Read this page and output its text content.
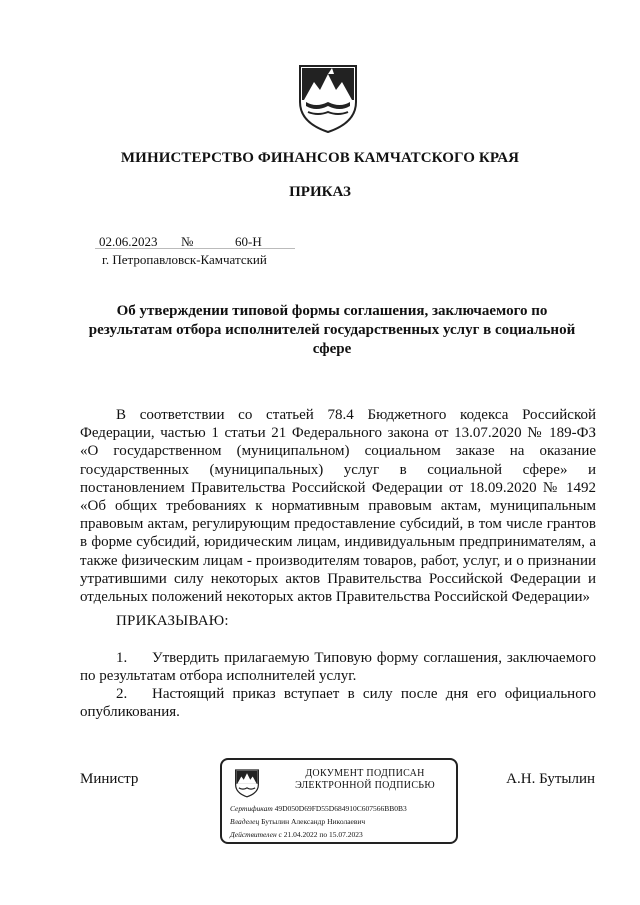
МИНИСТЕРСТВО ФИНАНСОВ КАМЧАТСКОГО КРАЯ
ПРИКАЗ
02.06.2023 №	60-Н
г. Петропавловск-Камчатский
Об утверждении типовой формы соглашения, заключаемого по результатам отбора исполнителей государственных услуг в социальной сфере

В соответствии со статьей 78.4 Бюджетного кодекса Российской Федерации, частью 1 статьи 21 Федерального закона от 13.07.2020 № 189-ФЗ «О государственном (муниципальном) социальном заказе на оказание государственных (муниципальных) услуг в социальной сфере» и постановлением Правительства Российской Федерации от 18.09.2020 № 1492 «Об общих требованиях к нормативным правовым актам, муниципальным правовым актам, регулирующим предоставление субсидий, в том числе грантов в форме субсидий, юридическим лицам, индивидуальным предпринимателям, а также физическим лицам - производителям товаров, работ, услуг, и о признании утратившими силу некоторых актов Правительства Российской Федерации и отдельных положений некоторых актов Правительства Российской Федерации»

ПРИКАЗЫВАЮ:

1. Утвердить прилагаемую Типовую форму соглашения, заключаемого по результатам отбора исполнителей услуг.

2. Настоящий приказ вступает в силу после дня его официального опубликования.

Министр	А.Н. Бутылин
ДОКУМЕНТ ПОДПИСАН
ЭЛЕКТРОННОЙ ПОДПИСЬЮ
Сертификат 49D050D69FD55D684910C607566BB0B3
Владелец Бутылин Александр Николаевич
Действителен с 21.04.2022 по 15.07.2023
